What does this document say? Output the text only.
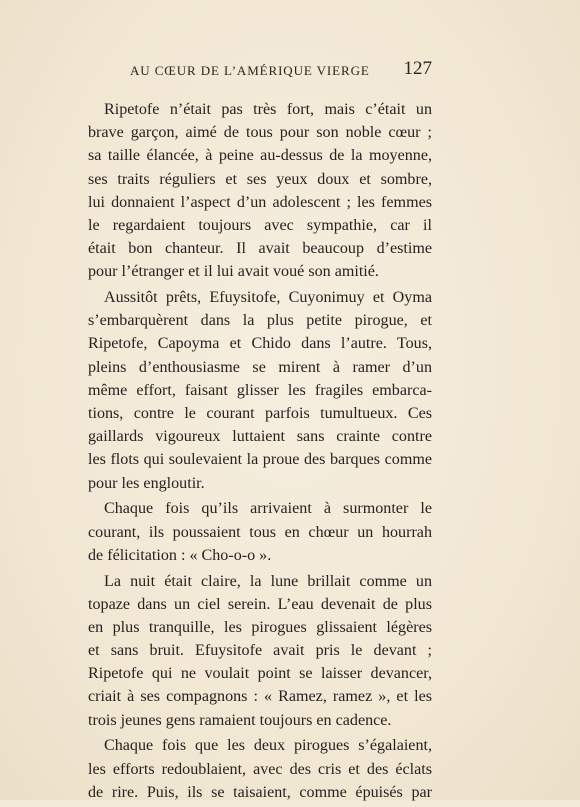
AU CŒUR DE L’AMÉRIQUE VIERGE 127
Ripetofe n’était pas très fort, mais c’était un
brave garçon, aimé de tous pour son noble cœur ;
sa taille élancée, à peine au-dessus de la moyenne,
ses traits réguliers et ses yeux doux et sombre,
lui donnaient l’aspect d’un adolescent ; les femmes
le regardaient toujours avec sympathie, car il
était bon chanteur. Il avait beaucoup d’estime
pour l’étranger et il lui avait voué son amitié.
Aussitôt prêts, Efuysitofe, Cuyonimuy et Oyma
s’embarquèrent dans la plus petite pirogue, et
Ripetofe, Capoyma et Chido dans l’autre. Tous,
pleins d’enthousiasme se mirent à ramer d’un
même effort, faisant glisser les fragiles embarca-
tions, contre le courant parfois tumultueux. Ces
gaillards vigoureux luttaient sans crainte contre
les flots qui soulevaient la proue des barques comme
pour les engloutir.
Chaque fois qu’ils arrivaient à surmonter le
courant, ils poussaient tous en chœur un hourrah
de félicitation : « Cho-o-o ».
La nuit était claire, la lune brillait comme un
topaze dans un ciel serein. L’eau devenait de plus
en plus tranquille, les pirogues glissaient légères
et sans bruit. Efuysitofe avait pris le devant ;
Ripetofe qui ne voulait point se laisser devancer,
criait à ses compagnons : « Ramez, ramez », et les
trois jeunes gens ramaient toujours en cadence.
Chaque fois que les deux pirogues s’égalaient,
les efforts redoublaient, avec des cris et des éclats
de rire. Puis, ils se taisaient, comme épuisés par
